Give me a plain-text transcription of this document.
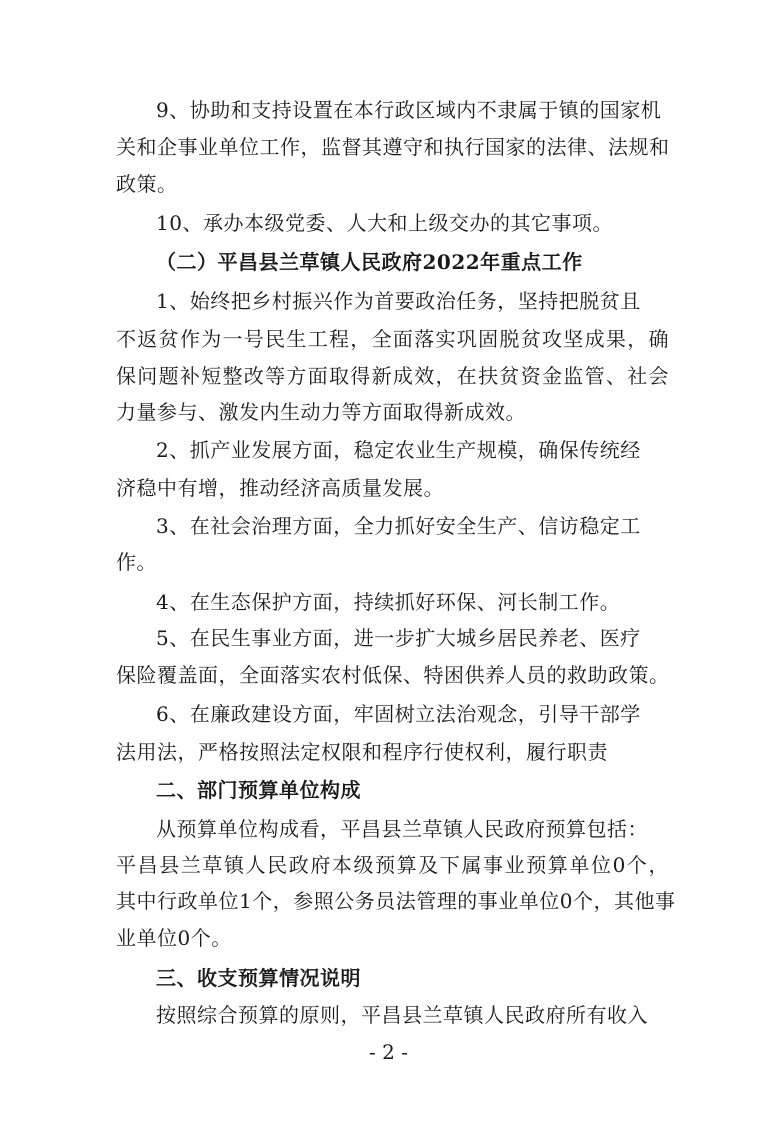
9、协助和支持设置在本行政区域内不隶属于镇的国家机
关和企事业单位工作，监督其遵守和执行国家的法律、法规和
政策。
10、承办本级党委、人大和上级交办的其它事项。
（二）平昌县兰草镇人民政府2022年重点工作
1、始终把乡村振兴作为首要政治任务，坚持把脱贫且
不返贫作为一号民生工程，全面落实巩固脱贫攻坚成果，确
保问题补短整改等方面取得新成效，在扶贫资金监管、社会
力量参与、激发内生动力等方面取得新成效。
2、抓产业发展方面，稳定农业生产规模，确保传统经
济稳中有增，推动经济高质量发展。
3、在社会治理方面，全力抓好安全生产、信访稳定工
作。
4、在生态保护方面，持续抓好环保、河长制工作。
5、在民生事业方面，进一步扩大城乡居民养老、医疗
保险覆盖面，全面落实农村低保、特困供养人员的救助政策。
6、在廉政建设方面，牢固树立法治观念，引导干部学
法用法，严格按照法定权限和程序行使权利，履行职责
二、部门预算单位构成
从预算单位构成看，平昌县兰草镇人民政府预算包括：
平昌县兰草镇人民政府本级预算及下属事业预算单位0个，
其中行政单位1个，参照公务员法管理的事业单位0个，其他事
业单位0个。
三、收支预算情况说明
按照综合预算的原则，平昌县兰草镇人民政府所有收入
- 2 -
